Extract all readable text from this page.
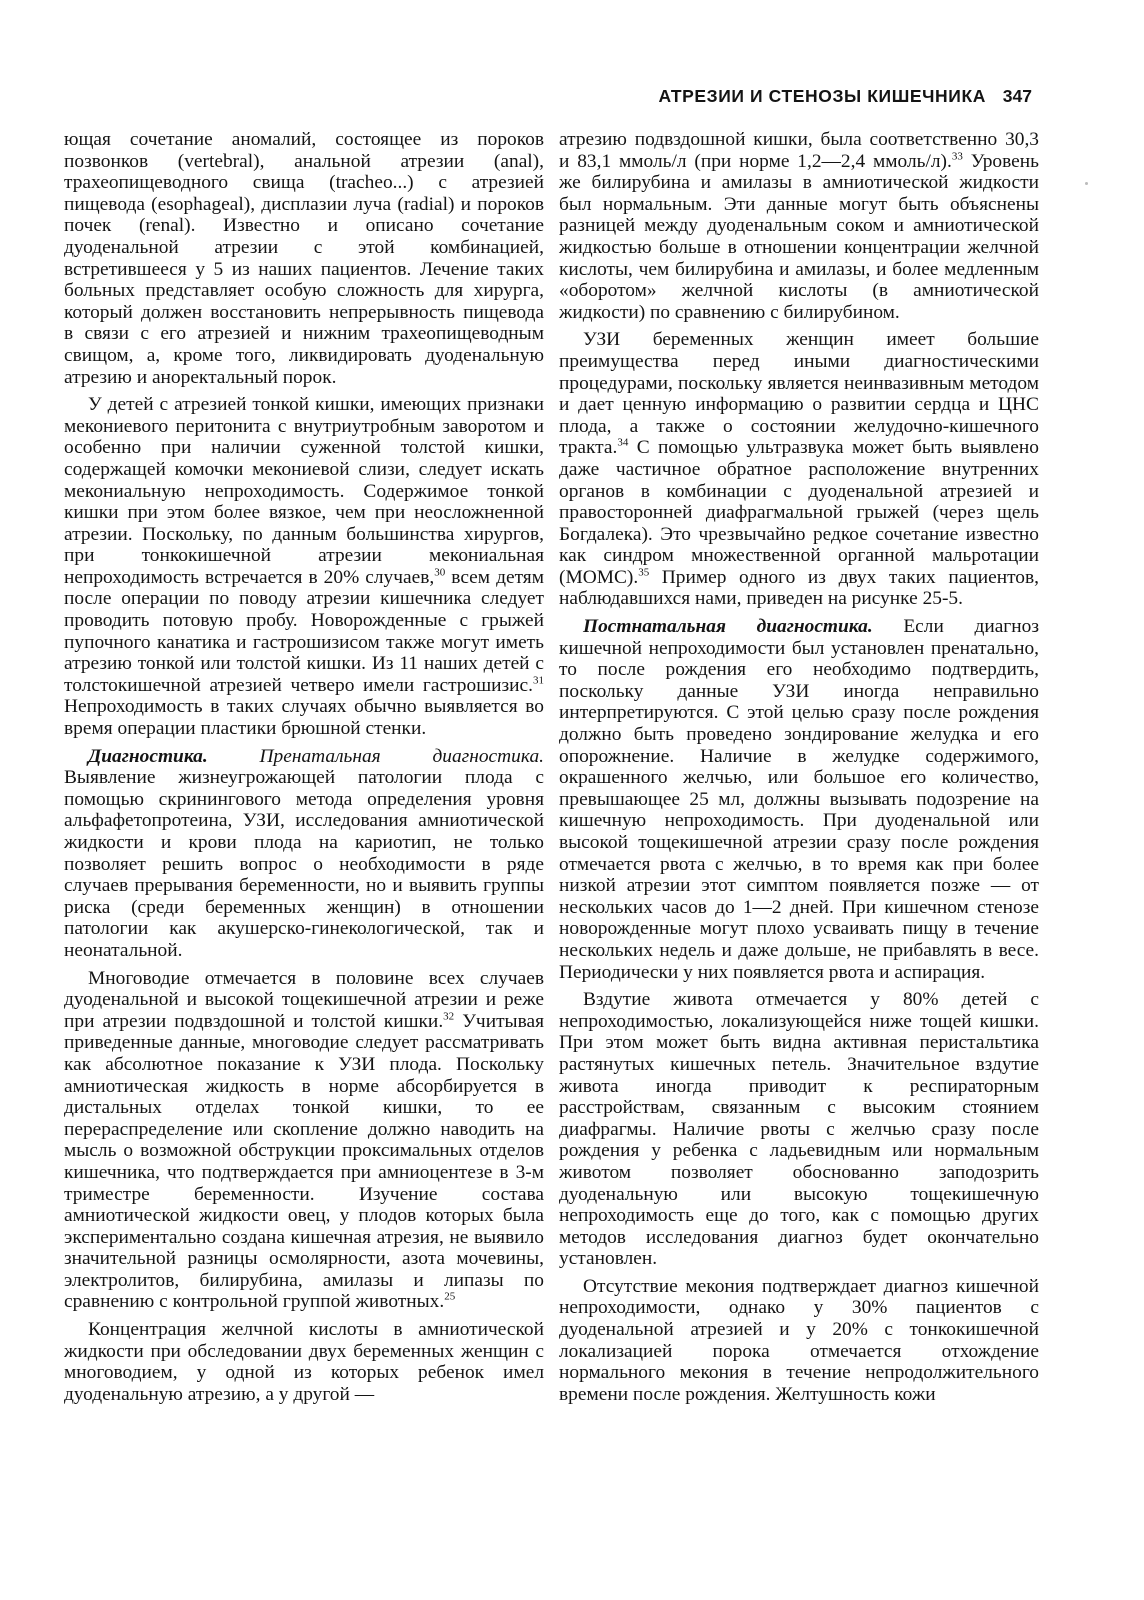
АТРЕЗИИ И СТЕНОЗЫ КИШЕЧНИКА 347

ющая сочетание аномалий, состоящее из пороков позвонков (vertebral), анальной атрезии (anal), трахеопищеводного свища (tracheo...) с атрезией пищевода (esophageal), дисплазии луча (radial) и пороков почек (renal). Известно и описано сочетание дуоденальной атрезии с этой комбинацией, встретившееся у 5 из наших пациентов. Лечение таких больных представляет особую сложность для хирурга, который должен восстановить непрерывность пищевода в связи с его атрезией и нижним трахеопищеводным свищом, а, кроме того, ликвидировать дуоденальную атрезию и аноректальный порок.

У детей с атрезией тонкой кишки, имеющих признаки мекониевого перитонита с внутриутробным заворотом и особенно при наличии суженной толстой кишки, содержащей комочки мекониевой слизи, следует искать мекониальную непроходимость. Содержимое тонкой кишки при этом более вязкое, чем при неосложненной атрезии. Поскольку, по данным большинства хирургов, при тонкокишечной атрезии мекониальная непроходимость встречается в 20% случаев,$^{30}$ всем детям после операции по поводу атрезии кишечника следует проводить потовую пробу. Новорожденные с грыжей пупочного канатика и гастрошизисом также могут иметь атрезию тонкой или толстой кишки. Из 11 наших детей с толстокишечной атрезией четверо имели гастрошизис.$^{31}$ Непроходимость в таких случаях обычно выявляется во время операции пластики брюшной стенки.

Диагностика.	Пренатальная диагностика. Выявление жизнеугрожающей патологии плода с помощью скринингового метода определения уровня альфафетопротеина, УЗИ, исследования амниотической жидкости и крови плода на кариотип, не только позволяет решить вопрос о необходимости в ряде случаев прерывания беременности, но и выявить группы риска (среди беременных женщин) в отношении патологии как акушерско-гинекологической, так и неонатальной.

Многоводие отмечается в половине всех случаев дуоденальной и высокой тощекишечной атрезии и реже при атрезии подвздошной и толстой кишки.$^{32}$ Учитывая приведенные данные, многоводие следует рассматривать как абсолютное показание к УЗИ плода. Поскольку амниотическая жидкость в норме абсорбируется в дистальных отделах тонкой кишки, то ее перераспределение или скопление должно наводить на мысль о возможной обструкции проксимальных отделов кишечника, что подтверждается при амниоцентезе в 3-м триместре беременности. Изучение состава амниотической жидкости овец, у плодов которых была экспериментально создана кишечная атрезия, не выявило значительной разницы осмолярности, азота мочевины, электролитов, билирубина, амилазы и липазы по сравнению с контрольной группой животных.$^{25}$

Концентрация желчной кислоты в амниотической жидкости при обследовании двух беременных женщин с многоводием, у одной из которых ребенок имел дуоденальную атрезию, а у другой —

атрезию подвздошной кишки, была соответственно 30,3 и 83,1 ммоль/л (при норме 1,2—2,4 ммоль/л).$^{33}$ Уровень же билирубина и амилазы в амниотической жидкости был нормальным. Эти данные могут быть объяснены разницей между дуоденальным соком и амниотической жидкостью больше в отношении концентрации желчной кислоты, чем билирубина и амилазы, и более медленным «оборотом» желчной кислоты (в амниотической жидкости) по сравнению с билирубином.

УЗИ беременных женщин имеет большие преимущества перед иными диагностическими процедурами, поскольку является неинвазивным методом и дает ценную информацию о развитии сердца и ЦНС плода, а также о состоянии желудочно-кишечного тракта.$^{34}$ С помощью ультразвука может быть выявлено даже частичное обратное расположение внутренних органов в комбинации с дуоденальной атрезией и правосторонней диафрагмальной грыжей (через щель Богдалека). Это чрезвычайно редкое сочетание известно как синдром множественной органной мальротации (МОМС).$^{35}$ Пример одного из двух таких пациентов, наблюдавшихся нами, приведен на рисунке 25-5.

Постнатальная диагностика. Если диагноз кишечной непроходимости был установлен пренатально, то после рождения его необходимо подтвердить, поскольку данные УЗИ иногда неправильно интерпретируются. С этой целью сразу после рождения должно быть проведено зондирование желудка и его опорожнение. Наличие в желудке содержимого, окрашенного желчью, или большое его количество, превышающее 25 мл, должны вызывать подозрение на кишечную непроходимость. При дуоденальной или высокой тощекишечной атрезии сразу после рождения отмечается рвота с желчью, в то время как при более низкой атрезии этот симптом появляется позже — от нескольких часов до 1—2 дней. При кишечном стенозе новорожденные могут плохо усваивать пищу в течение нескольких недель и даже дольше, не прибавлять в весе. Периодически у них появляется рвота и аспирация.

Вздутие живота отмечается у 80% детей с непроходимостью, локализующейся ниже тощей кишки. При этом может быть видна активная перистальтика растянутых кишечных петель. Значительное вздутие живота иногда приводит к респираторным расстройствам, связанным с высоким стоянием диафрагмы. Наличие рвоты с желчью сразу после рождения у ребенка с ладьевидным или нормальным животом позволяет обоснованно заподозрить дуоденальную или высокую тощекишечную непроходимость еще до того, как с помощью других методов исследования диагноз будет окончательно установлен.

Отсутствие мекония подтверждает диагноз кишечной непроходимости, однако у 30% пациентов с дуоденальной атрезией и у 20% с тонкокишечной локализацией порока отмечается отхождение нормального мекония в течение непродолжительного времени после рождения. Желтушность кожи
